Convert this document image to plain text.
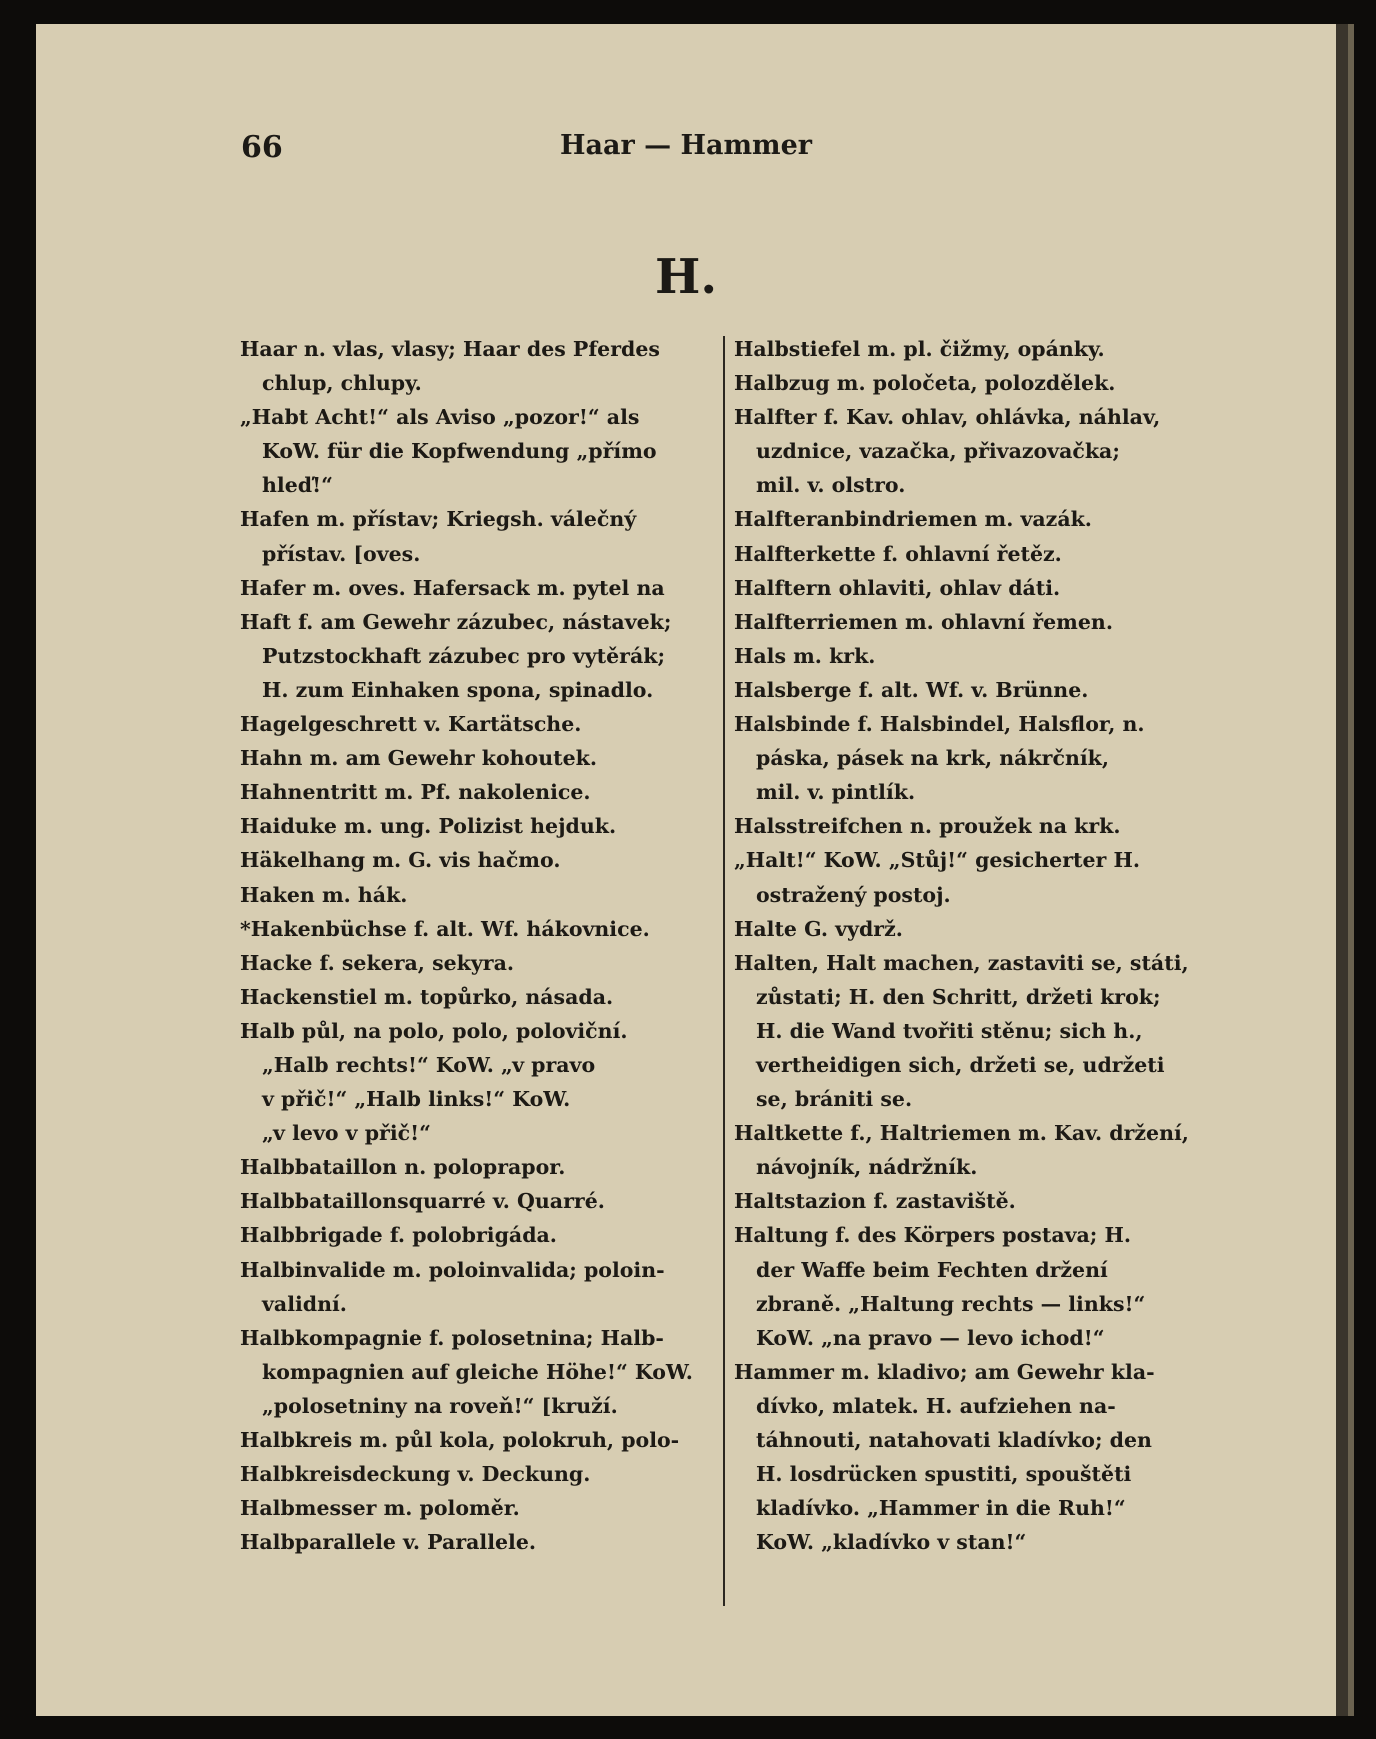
66	Haar — Hammer
H.
Haar n. vlas, vlasy; Haar des Pferdes
chlup, chlupy.
„Habt Acht!“ als Aviso „pozor!“ als
KoW. für die Kopfwendung „přímo
hleď!“
Hafen m. přístav; Kriegsh. válečný
přístav. [oves.
Hafer m. oves. Hafersack m. pytel na
Haft f. am Gewehr zázubec, nástavek;
Putzstockhaft zázubec pro vytěrák;
H. zum Einhaken spona, spinadlo.
Hagelgeschrett v. Kartätsche.
Hahn m. am Gewehr kohoutek.
Hahnentritt m. Pf. nakolenice.
Haiduke m. ung. Polizist hejduk.
Häkelhang m. G. vis hačmo.
Haken m. hák.
*Hakenbüchse f. alt. Wf. hákovnice.
Hacke f. sekera, sekyra.
Hackenstiel m. topůrko, násada.
Halb půl, na polo, polo, poloviční.
„Halb rechts!“ KoW. „v pravo
v přič!“ „Halb links!“ KoW.
„v levo v přič!“
Halbbataillon n. poloprapor.
Halbbataillonsquarré v. Quarré.
Halbbrigade f. polobrigáda.
Halbinvalide m. poloinvalida; poloin-
validní.
Halbkompagnie f. polosetnina; Halb-
kompagnien auf gleiche Höhe!“ KoW.
„polosetniny na roveň!“ [kruží.
Halbkreis m. půl kola, polokruh, polo-
Halbkreisdeckung v. Deckung.
Halbmesser m. poloměr.
Halbparallele v. Parallele.
Halbstiefel m. pl. čižmy, opánky.
Halbzug m. poločeta, polozdělek.
Halfter f. Kav. ohlav, ohlávka, náhlav,
uzdnice, vazačka, přivazovačka;
mil. v. olstro.
Halfteranbindriemen m. vazák.
Halfterkette f. ohlavní řetěz.
Halftern ohlaviti, ohlav dáti.
Halfterriemen m. ohlavní řemen.
Hals m. krk.
Halsberge f. alt. Wf. v. Brünne.
Halsbinde f. Halsbindel, Halsflor, n.
páska, pásek na krk, nákrčník,
mil. v. pintlík.
Halsstreifchen n. proužek na krk.
„Halt!“ KoW. „Stůj!“ gesicherter H.
ostražený postoj.
Halte G. vydrž.
Halten, Halt machen, zastaviti se, státi,
zůstati; H. den Schritt, držeti krok;
H. die Wand tvořiti stěnu; sich h.,
vertheidigen sich, držeti se, udržeti
se, brániti se.
Haltkette f., Haltriemen m. Kav. držení,
návojník, nádržník.
Haltstazion f. zastaviště.
Haltung f. des Körpers postava; H.
der Waffe beim Fechten držení
zbraně. „Haltung rechts — links!“
KoW. „na pravo — levo ichod!“
Hammer m. kladivo; am Gewehr kla-
dívko, mlatek. H. aufziehen na-
táhnouti, natahovati kladívko; den
H. losdrücken spustiti, spouštěti
kladívko. „Hammer in die Ruh!“
KoW. „kladívko v stan!“
